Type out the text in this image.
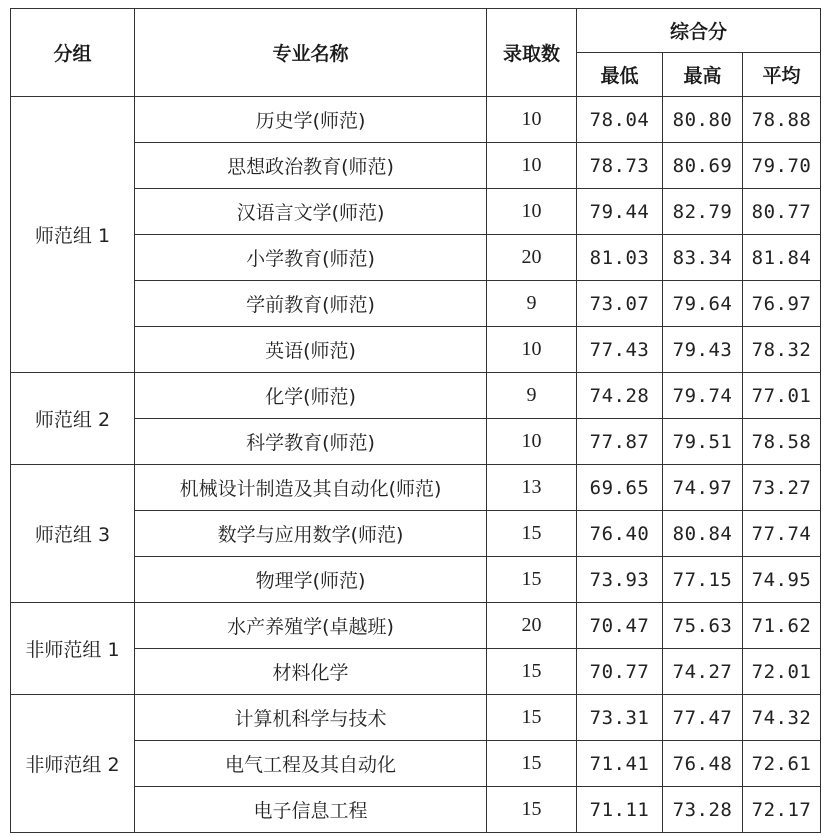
分组	专业名称	录取数	综合分		
			最低	最高	平均
师范组 1	历史学(师范)	10	78.04	80.80	78.88
	思想政治教育(师范)	10	78.73	80.69	79.70
	汉语言文学(师范)	10	79.44	82.79	80.77
	小学教育(师范)	20	81.03	83.34	81.84
	学前教育(师范)	9	73.07	79.64	76.97
	英语(师范)	10	77.43	79.43	78.32
师范组 2	化学(师范)	9	74.28	79.74	77.01
	科学教育(师范)	10	77.87	79.51	78.58
师范组 3	机械设计制造及其自动化(师范)	13	69.65	74.97	73.27
	数学与应用数学(师范)	15	76.40	80.84	77.74
	物理学(师范)	15	73.93	77.15	74.95
非师范组 1	水产养殖学(卓越班)	20	70.47	75.63	71.62
	材料化学	15	70.77	74.27	72.01
非师范组 2	计算机科学与技术	15	73.31	77.47	74.32
	电气工程及其自动化	15	71.41	76.48	72.61
	电子信息工程	15	71.11	73.28	72.17
